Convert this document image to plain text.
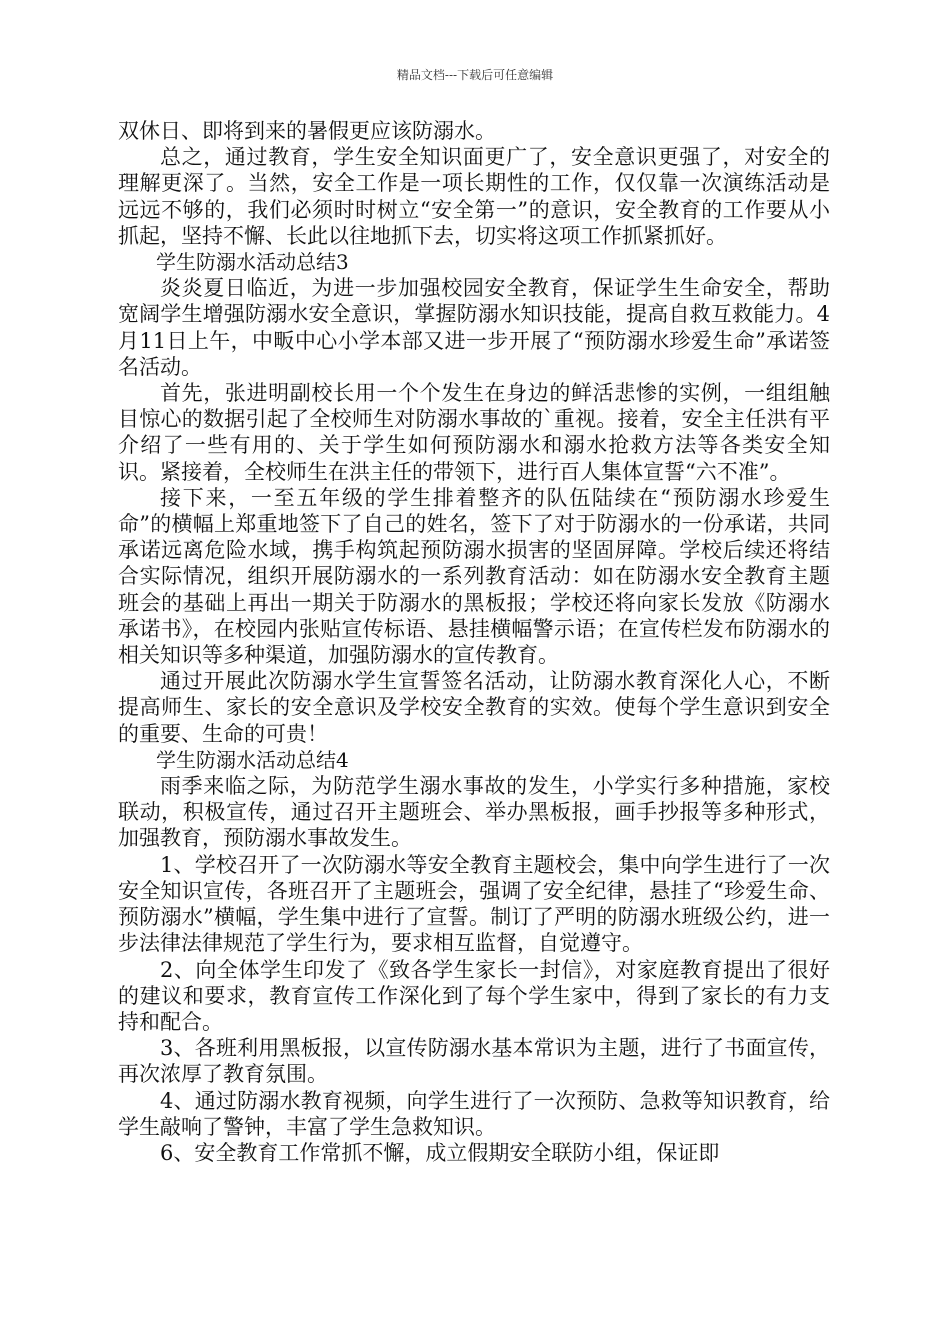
精品文档---下载后可任意编辑

双休日、即将到来的暑假更应该防溺水。

总之，通过教育，学生安全知识面更广了，安全意识更强了，对安全的理解更深了。当然，安全工作是一项长期性的工作，仅仅靠一次演练活动是远远不够的，我们必须时时树立“安全第一”的意识，安全教育的工作要从小抓起，坚持不懈、长此以往地抓下去，切实将这项工作抓紧抓好。

学生防溺水活动总结3

炎炎夏日临近，为进一步加强校园安全教育，保证学生生命安全，帮助宽阔学生增强防溺水安全意识，掌握防溺水知识技能，提高自救互救能力。4月11日上午，中畈中心小学本部又进一步开展了“预防溺水珍爱生命”承诺签名活动。

首先，张进明副校长用一个个发生在身边的鲜活悲惨的实例，一组组触目惊心的数据引起了全校师生对防溺水事故的`重视。接着，安全主任洪有平介绍了一些有用的、关于学生如何预防溺水和溺水抢救方法等各类安全知识。紧接着，全校师生在洪主任的带领下，进行百人集体宣誓“六不准”。

接下来，一至五年级的学生排着整齐的队伍陆续在“预防溺水珍爱生命”的横幅上郑重地签下了自己的姓名，签下了对于防溺水的一份承诺，共同承诺远离危险水域，携手构筑起预防溺水损害的坚固屏障。学校后续还将结合实际情况，组织开展防溺水的一系列教育活动：如在防溺水安全教育主题班会的基础上再出一期关于防溺水的黑板报；学校还将向家长发放《防溺水承诺书》，在校园内张贴宣传标语、悬挂横幅警示语；在宣传栏发布防溺水的相关知识等多种渠道，加强防溺水的宣传教育。

通过开展此次防溺水学生宣誓签名活动，让防溺水教育深化人心，不断提高师生、家长的安全意识及学校安全教育的实效。使每个学生意识到安全的重要、生命的可贵！

学生防溺水活动总结4

雨季来临之际，为防范学生溺水事故的发生，小学实行多种措施，家校联动，积极宣传，通过召开主题班会、举办黑板报，画手抄报等多种形式，加强教育，预防溺水事故发生。

1、学校召开了一次防溺水等安全教育主题校会，集中向学生进行了一次安全知识宣传，各班召开了主题班会，强调了安全纪律，悬挂了“珍爱生命、预防溺水”横幅，学生集中进行了宣誓。制订了严明的防溺水班级公约，进一步法律法律规范了学生行为，要求相互监督，自觉遵守。

2、向全体学生印发了《致各学生家长一封信》，对家庭教育提出了很好的建议和要求，教育宣传工作深化到了每个学生家中，得到了家长的有力支持和配合。

3、各班利用黑板报，以宣传防溺水基本常识为主题，进行了书面宣传，再次浓厚了教育氛围。

4、通过防溺水教育视频，向学生进行了一次预防、急救等知识教育，给学生敲响了警钟，丰富了学生急救知识。

6、安全教育工作常抓不懈，成立假期安全联防小组，保证即
